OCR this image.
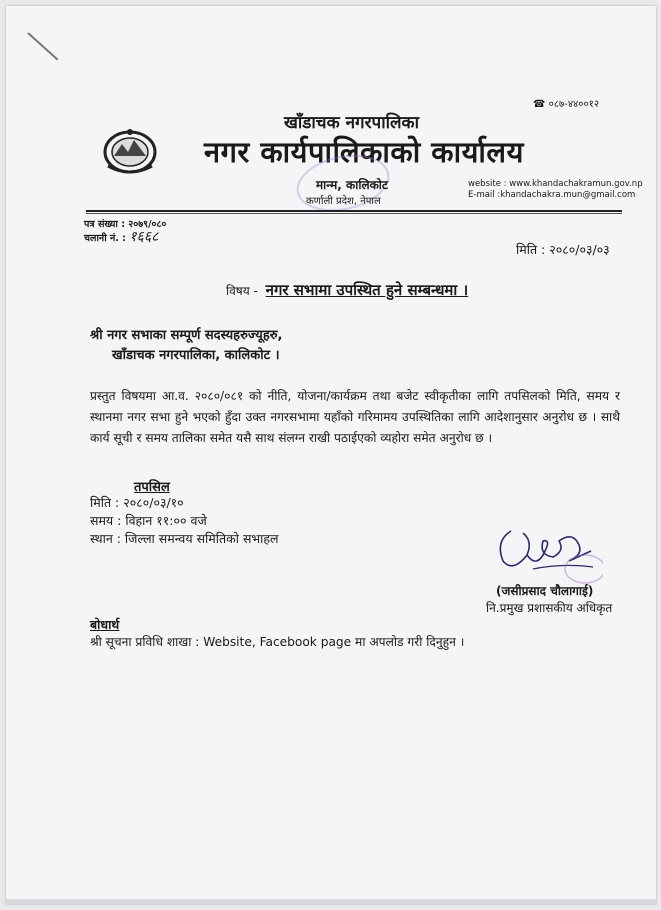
☎ ०८७-४४००१२
खाँडाचक नगरपालिका
नगर कार्यपालिकाको कार्यालय
मान्म, कालिकोट
कर्णाली प्रदेश, नेपाल
website : www.khandachakramun.gov.np
E-mail :khandachakra.mun@gmail.com
पत्र संख्या : २०७९/०८०
चलानी नं. : १६६८
मिति : २०८०/०३/०३
विषय - नगर सभामा उपस्थित हुने सम्बन्धमा ।
श्री नगर सभाका सम्पूर्ण सदस्यहरुज्यूहरु,
खाँडाचक नगरपालिका, कालिकोट ।
प्रस्तुत विषयमा आ.व. २०८०/०८१ को नीति, योजना/कार्यक्रम तथा बजेट स्वीकृतीका लागि तपसिलको मिति, समय र स्थानमा नगर सभा हुने भएको हुँदा उक्त नगरसभामा यहाँको गरिमामय उपस्थितिका लागि आदेशानुसार अनुरोध छ । साथै कार्य सूची र समय तालिका समेत यसै साथ संलग्न राखी पठाईएको व्यहोरा समेत अनुरोध छ ।
तपसिल
मिति : २०८०/०३/१०
समय : विहान ११:०० वजे
स्थान : जिल्ला समन्वय समितिको सभाहल
(जसीप्रसाद चौलागाई)
नि.प्रमुख प्रशासकीय अधिकृत
बोधार्थ
श्री सूचना प्रविधि शाखा : Website, Facebook page मा अपलोड गरी दिनुहुन ।
